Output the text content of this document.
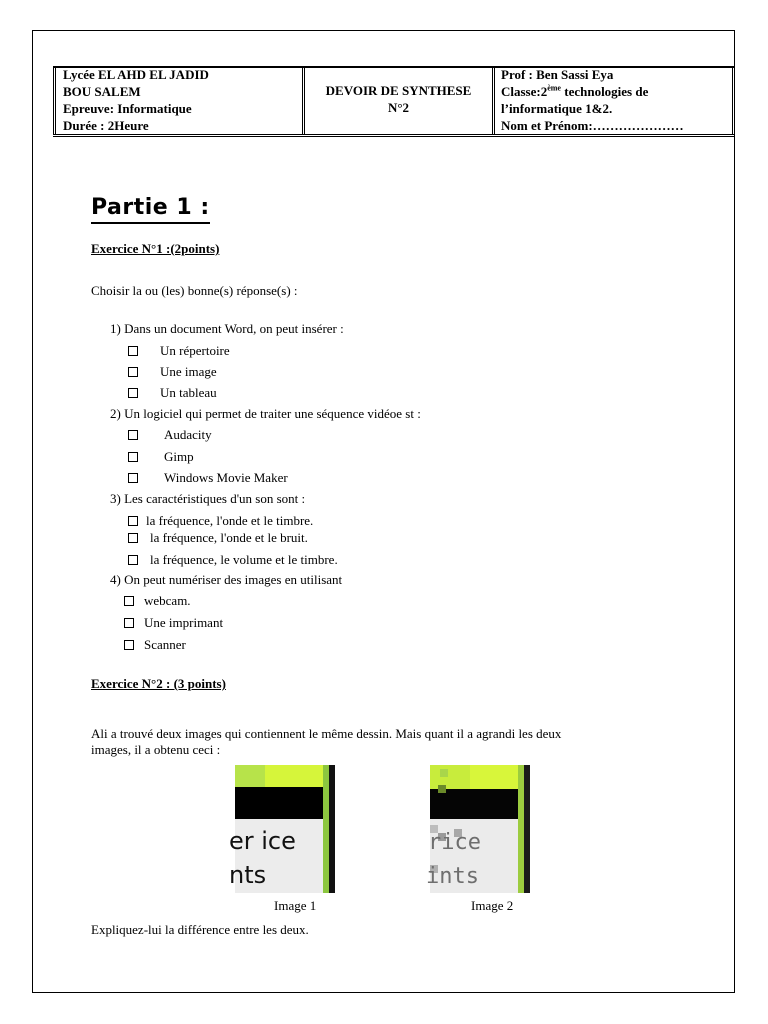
Lycée EL AHD EL JADID
BOU SALEM
Epreuve: Informatique
Durée : 2Heure
DEVOIR DE SYNTHESE
N°2
Prof : Ben Sassi Eya
Classe:2ème technologies de
l’informatique 1&2.
Nom et Prénom:…………………
Partie 1 :
Exercice N°1 :(2points)
Choisir la ou (les) bonne(s) réponse(s) :
1) Dans un document Word, on peut insérer :
Un répertoire
Une image
Un tableau
2) Un logiciel qui permet de traiter une séquence vidéoe st :
Audacity
Gimp
Windows Movie Maker
3) Les caractéristiques d'un son sont :
la fréquence, l'onde et le timbre.
la fréquence, l'onde et le bruit.
la fréquence, le volume et le timbre.
4) On peut numériser des images en utilisant
webcam.
Une imprimant
Scanner
Exercice N°2 : (3 points)
Ali a trouvé deux images qui contiennent le même dessin. Mais quant il a agrandi les deux
images, il a obtenu ceci :
er ice
nts
rice
ints
Image 1	Image 2
Expliquez-lui la différence entre les deux.
